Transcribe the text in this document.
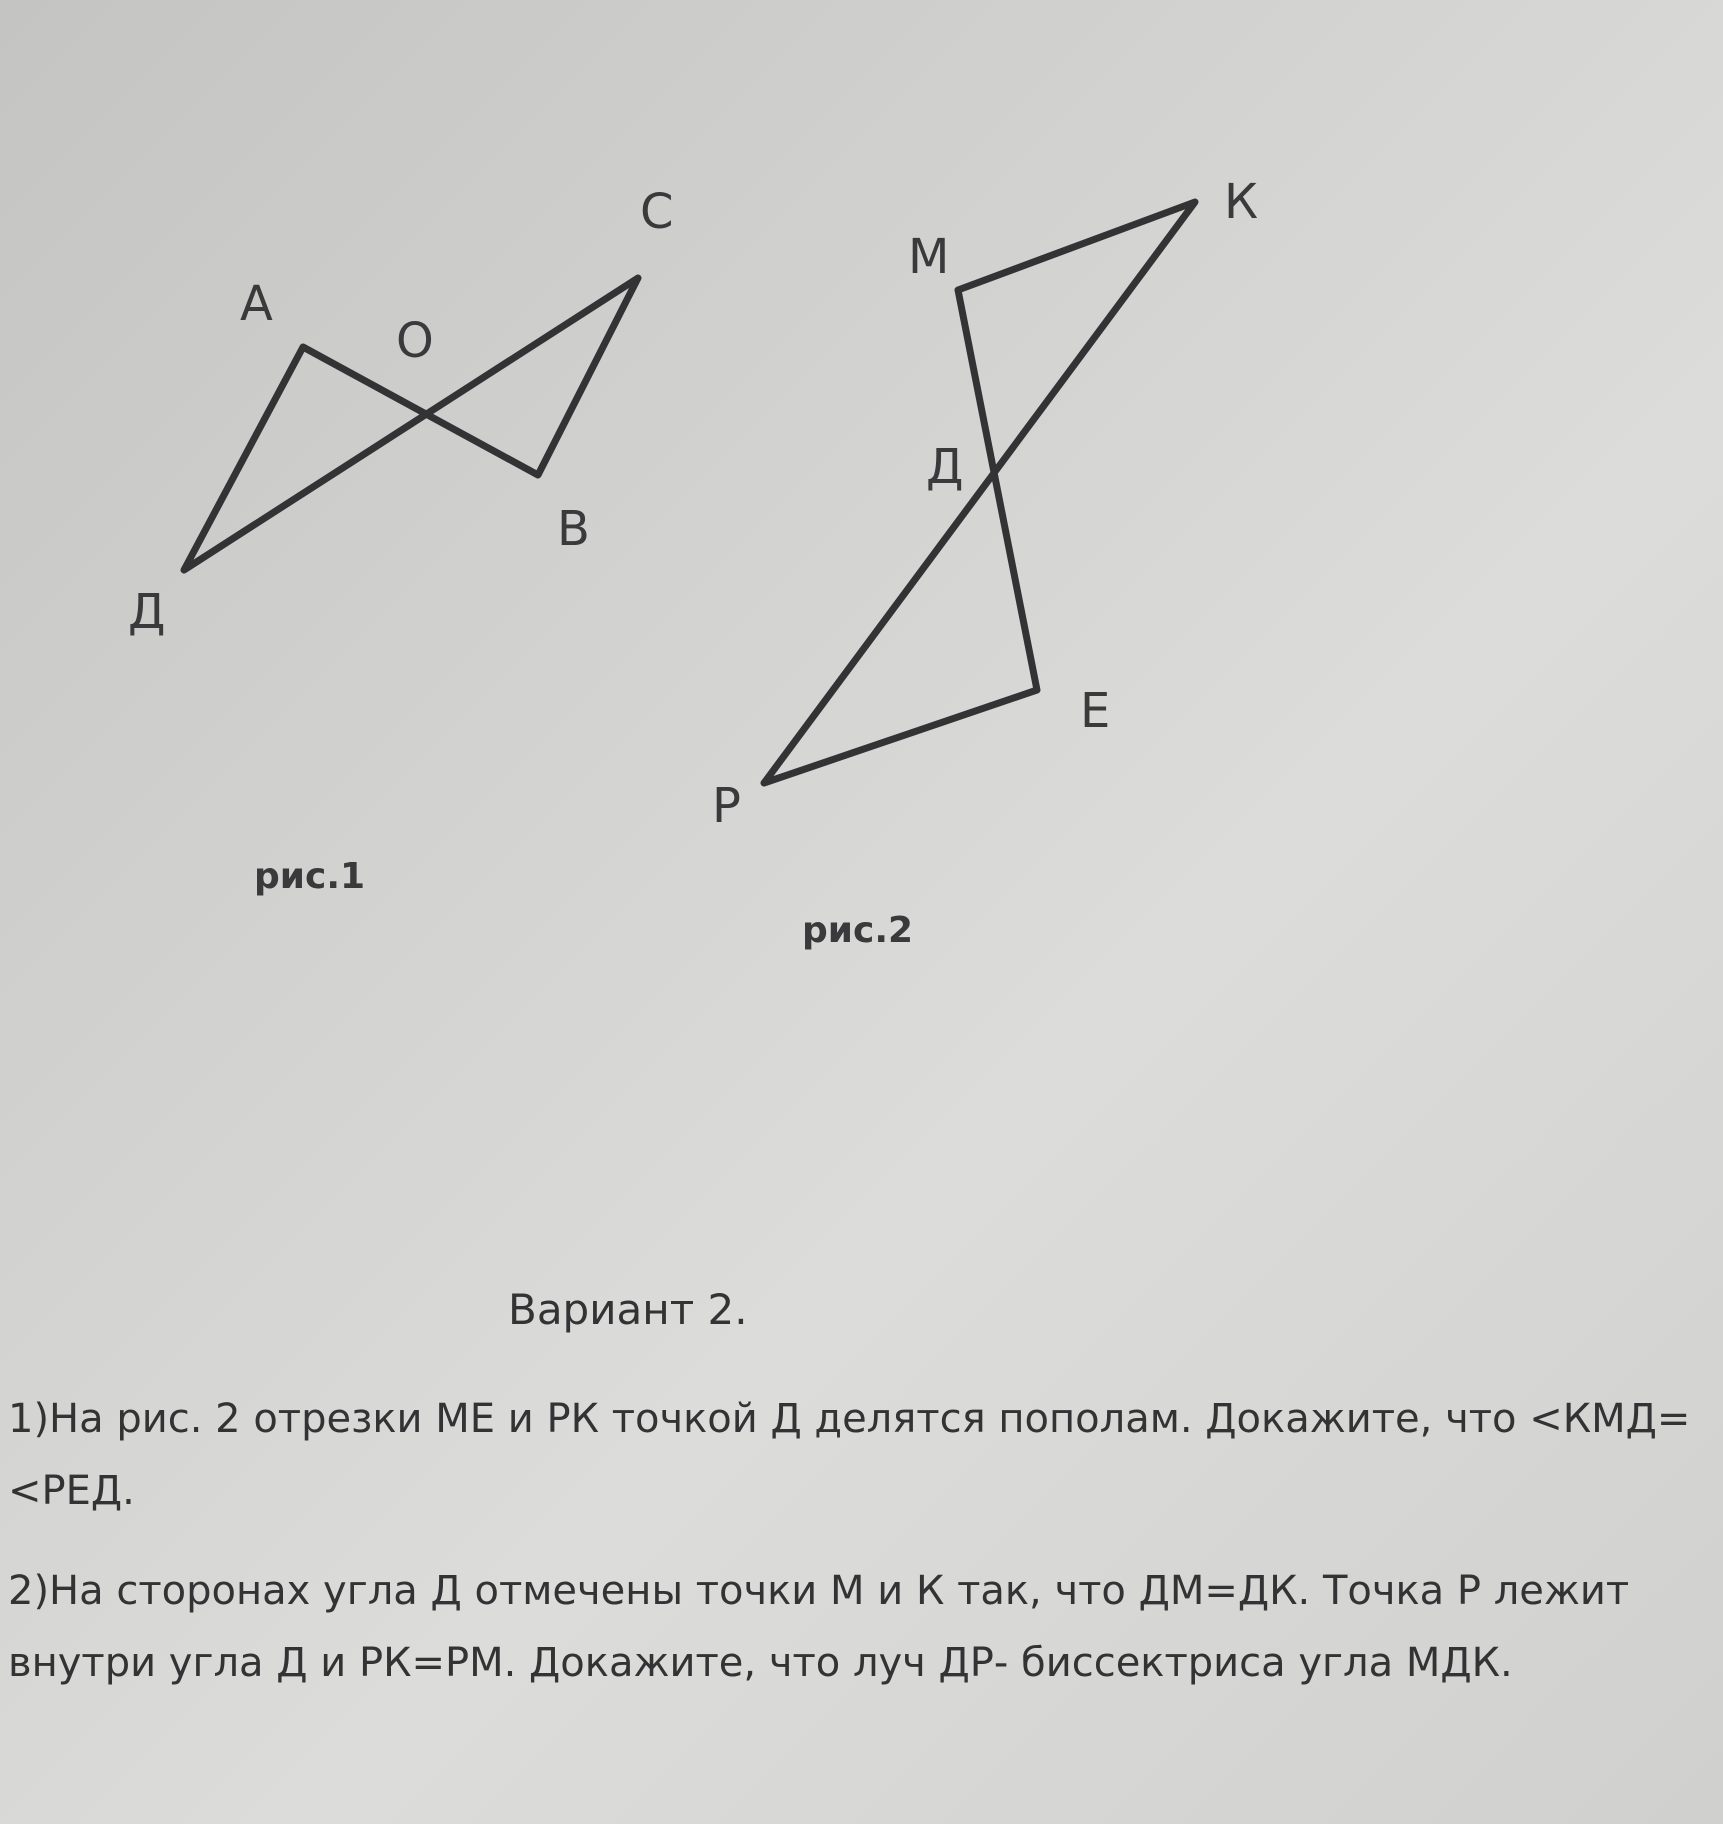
A
O
C
B
Д
рис.1
М
К
Д
Е
Р
рис.2
Вариант 2.
1)На рис. 2 отрезки МЕ и РК точкой Д делятся пополам. Докажите, что <КМД=<РЕД.
2)На сторонах угла Д отмечены точки М и К так, что ДМ=ДК. Точка Р лежит внутри угла Д и РК=РМ. Докажите, что луч ДР- биссектриса угла МДК.
